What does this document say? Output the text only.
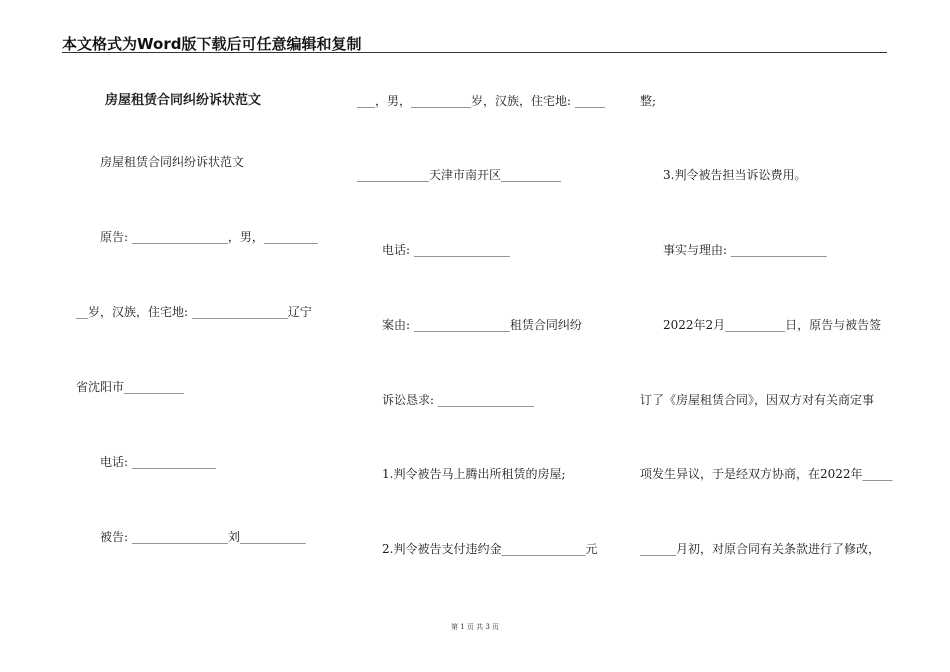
本文格式为Word版下载后可任意编辑和复制
房屋租赁合同纠纷诉状范文
房屋租赁合同纠纷诉状范文
原告: ________________，男，_________
__岁，汉族，住宅地: ________________辽宁
省沈阳市__________
电话: ______________
被告: ________________刘___________
___，男，__________岁，汉族，住宅地: _____
____________天津市南开区__________
电话: ________________
案由: ________________租赁合同纠纷
诉讼恳求: ________________
1.判令被告马上腾出所租赁的房屋;
2.判令被告支付违约金______________元
整;
3.判令被告担当诉讼费用。
事实与理由: ________________
2022年2月__________日，原告与被告签
订了《房屋租赁合同》，因双方对有关商定事
项发生异议，于是经双方协商，在2022年_____
______月初，对原合同有关条款进行了修改，
第 1 页 共 3 页
